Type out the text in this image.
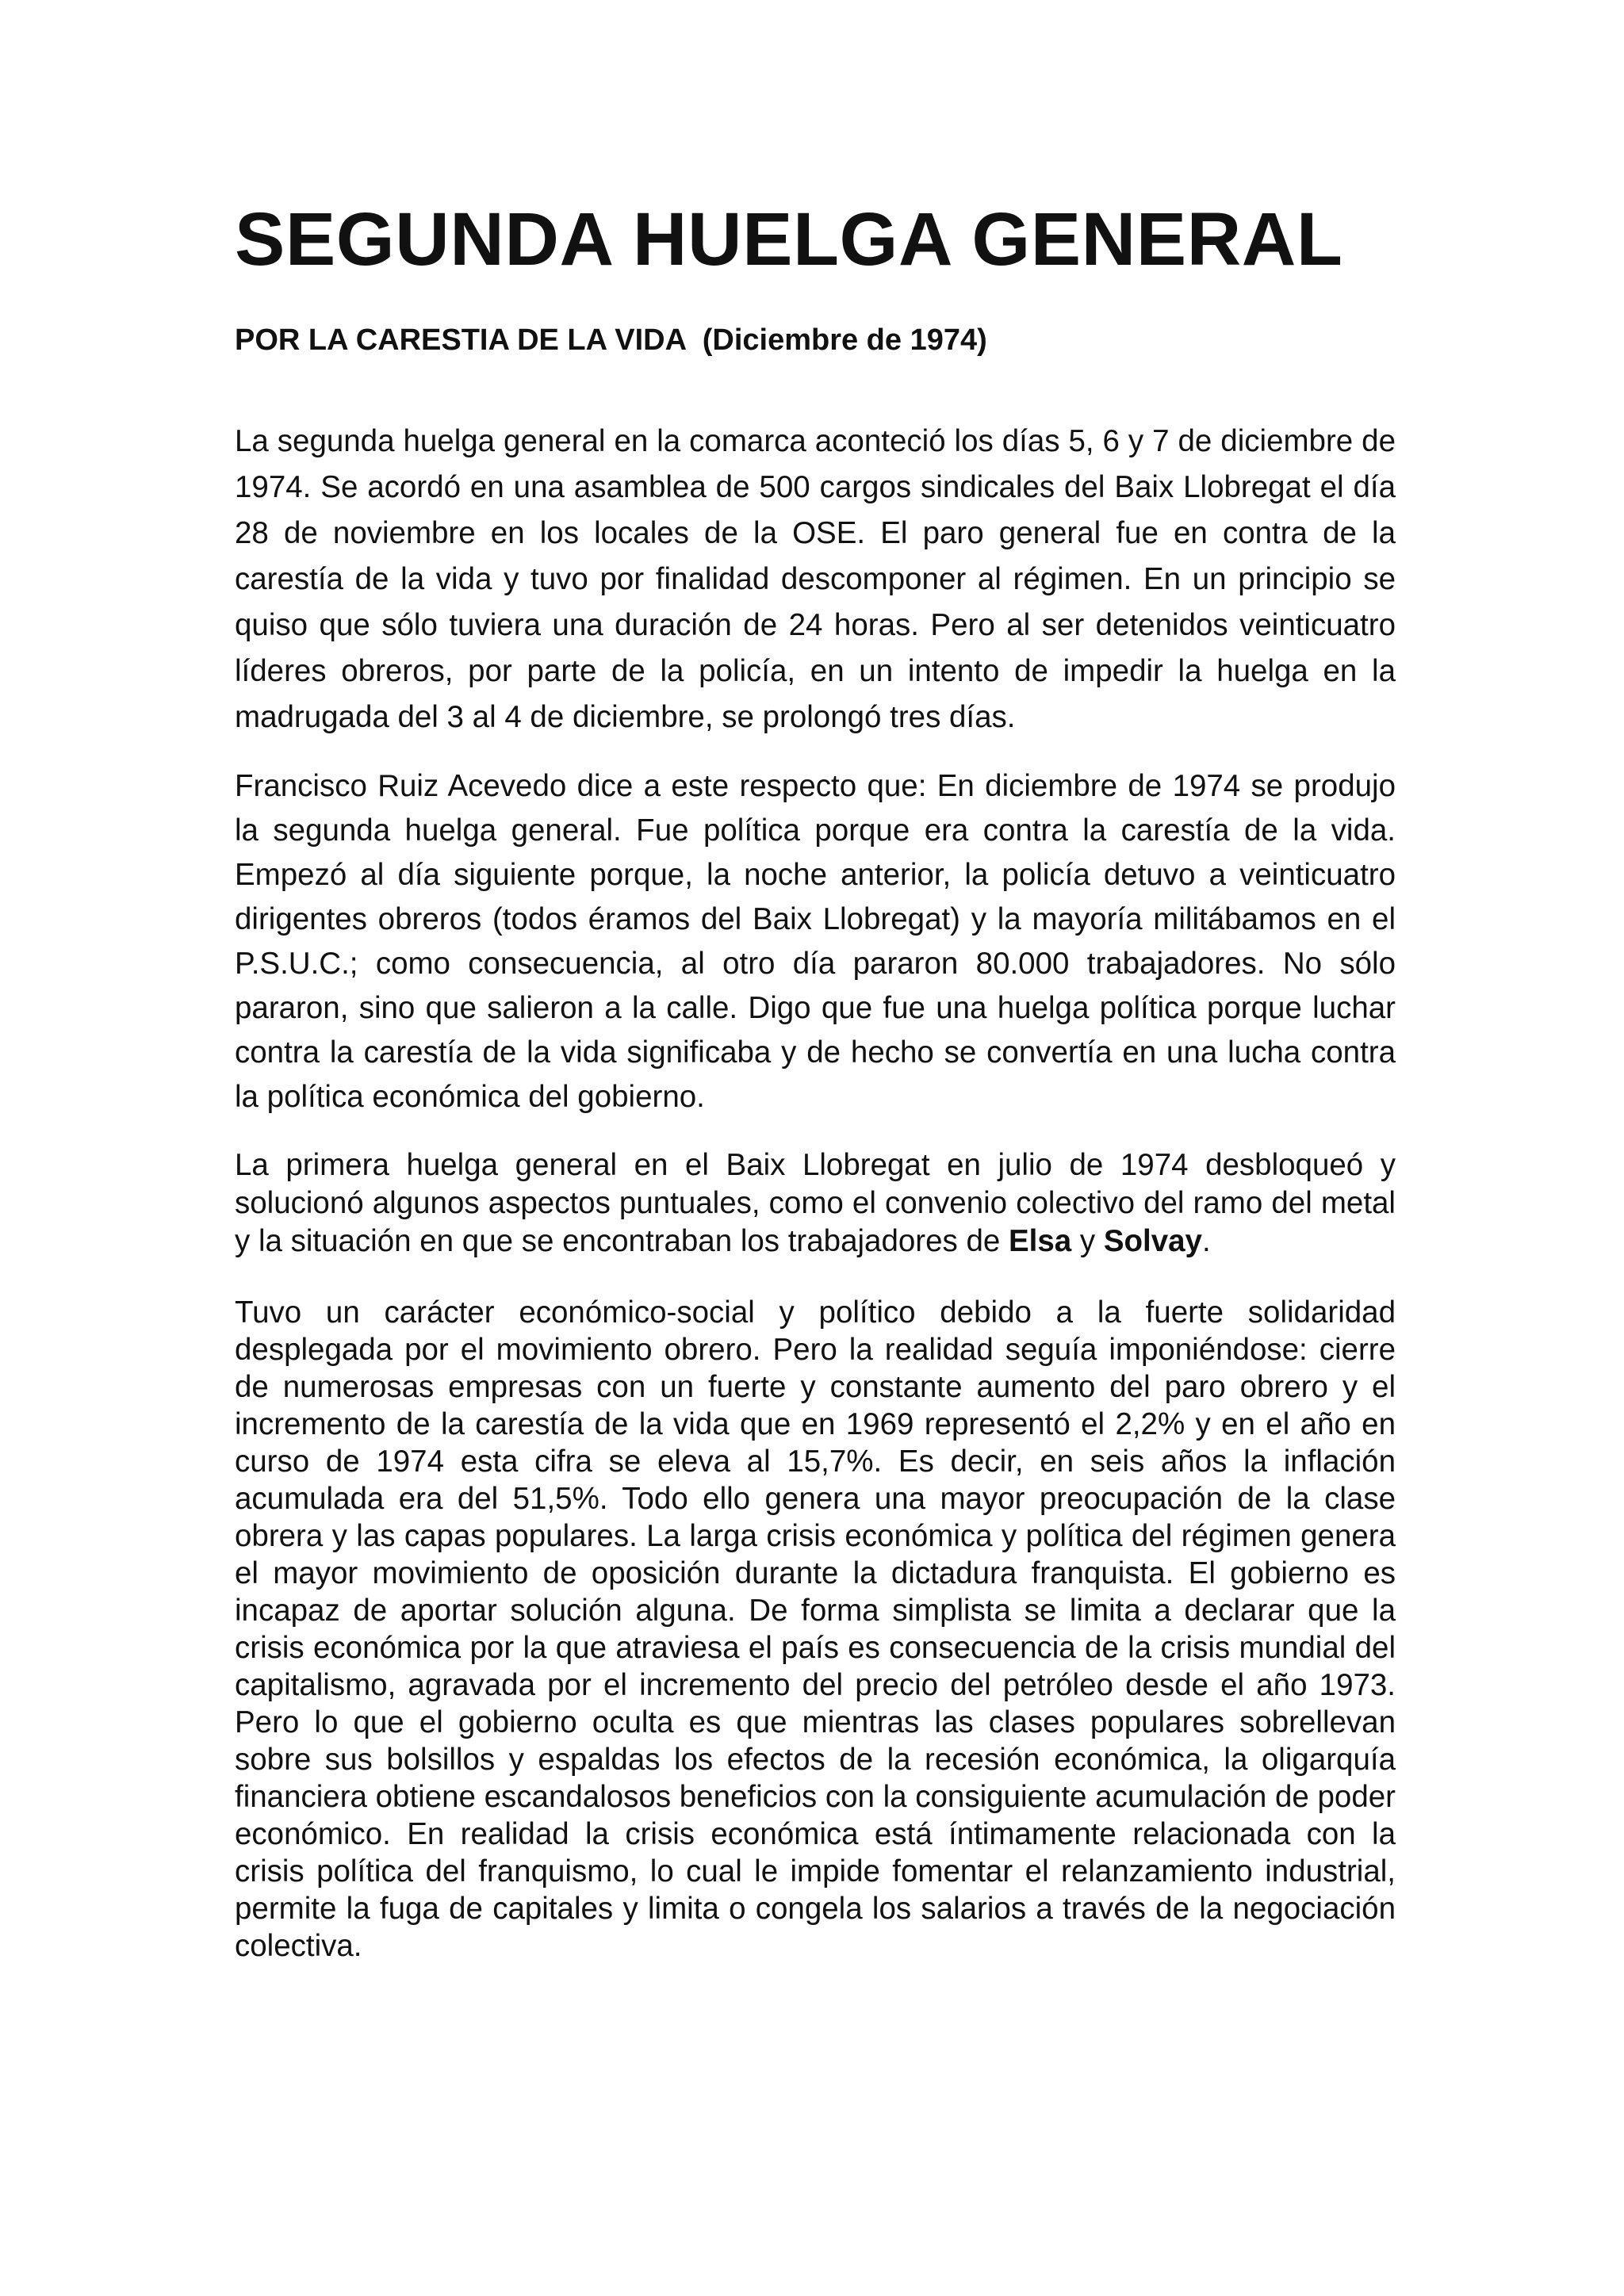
SEGUNDA HUELGA GENERAL
POR LA CARESTIA DE LA VIDA  (Diciembre de 1974)

La segunda huelga general en la comarca aconteció los días 5, 6 y 7 de diciembre de 1974. Se acordó en una asamblea de 500 cargos sindicales del Baix Llobregat el día 28 de noviembre en los locales de la OSE. El paro general fue en contra de la carestía de la vida y tuvo por finalidad descomponer al régimen. En un principio se quiso que sólo tuviera una duración de 24 horas. Pero al ser detenidos veinticuatro líderes obreros, por parte de la policía, en un intento de impedir la huelga en la madrugada del 3 al 4 de diciembre, se prolongó tres días.

Francisco Ruiz Acevedo dice a este respecto que: En diciembre de 1974 se produjo la segunda huelga general. Fue política porque era contra la carestía de la vida. Empezó al día siguiente porque, la noche anterior, la policía detuvo a veinticuatro dirigentes obreros (todos éramos del Baix Llobregat) y la mayoría militábamos en el P.S.U.C.; como consecuencia, al otro día pararon 80.000 trabajadores. No sólo pararon, sino que salieron a la calle. Digo que fue una huelga política porque luchar contra la carestía de la vida significaba y de hecho se convertía en una lucha contra la política económica del gobierno.

La primera huelga general en el Baix Llobregat en julio de 1974 desbloqueó y solucionó algunos aspectos puntuales, como el convenio colectivo del ramo del metal y la situación en que se encontraban los trabajadores de Elsa y Solvay.

Tuvo un carácter económico-social y político debido a la fuerte solidaridad desplegada por el movimiento obrero. Pero la realidad seguía imponiéndose: cierre de numerosas empresas con un fuerte y constante aumento del paro obrero y el incremento de la carestía de la vida que en 1969 representó el 2,2% y en el año en curso de 1974 esta cifra se eleva al 15,7%. Es decir, en seis años la inflación acumulada era del 51,5%. Todo ello genera una mayor preocupación de la clase obrera y las capas populares. La larga crisis económica y política del régimen genera el mayor movimiento de oposición durante la dictadura franquista. El gobierno es incapaz de aportar solución alguna. De forma simplista se limita a declarar que la crisis económica por la que atraviesa el país es consecuencia de la crisis mundial del capitalismo, agravada por el incremento del precio del petróleo desde el año 1973. Pero lo que el gobierno oculta es que mientras las clases populares sobrellevan sobre sus bolsillos y espaldas los efectos de la recesión económica, la oligarquía financiera obtiene escandalosos beneficios con la consiguiente acumulación de poder económico. En realidad la crisis económica está íntimamente relacionada con la crisis política del franquismo, lo cual le impide fomentar el relanzamiento industrial, permite la fuga de capitales y limita o congela los salarios a través de la negociación colectiva.
